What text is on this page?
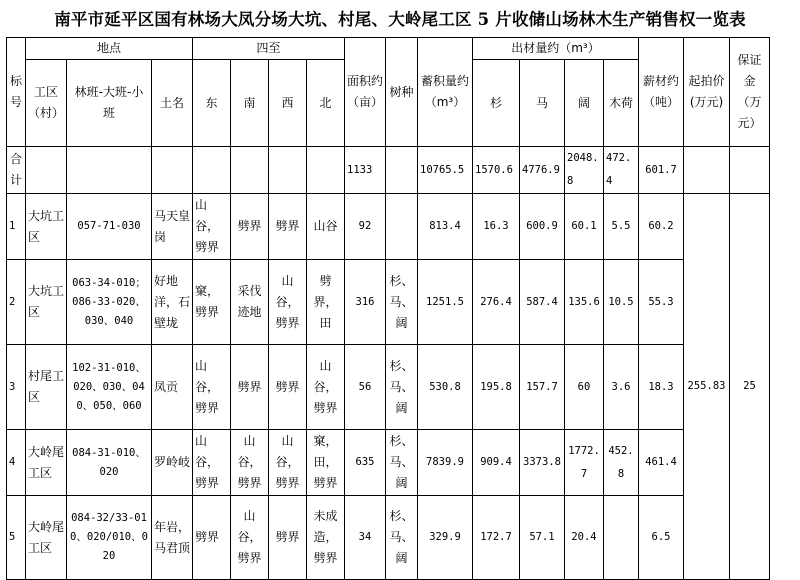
南平市延平区国有林场大凤分场大坑、村尾、大岭尾工区 5 片收储山场林木生产销售权一览表
标号	地点			四至				面积约（亩）	树种	蓄积量约（m³）	出材量约（m³）				薪材约（吨）	起拍价(万元)	保证金（万元）
	工区（村）	林班-大班-小班	土名	东	南	西	北				杉	马	阔	木荷			
合计								1133		10765.5	1570.6	4776.9	2048.8	472.4	601.7		
1	大坑工区	057-71-030	马天皇岗	山谷，劈界	劈界	劈界	山谷	92		813.4	16.3	600.9	60.1	5.5	60.2	255.83	25
2	大坑工区	063-34-010；086-33-020、030、040	好地洋，石壁垅	窠，劈界	采伐迹地	山谷，劈界	劈界，田	316	杉、马、阔	1251.5	276.4	587.4	135.6	10.5	55.3		
3	村尾工区	102-31-010、020、030、040、050、060	凤贡	山谷，劈界	劈界	劈界	山谷，劈界	56	杉、马、阔	530.8	195.8	157.7	60	3.6	18.3		
4	大岭尾工区	084-31-010、020	罗岭岐	山谷，劈界	山谷，劈界	山谷，劈界	窠，田，劈界	635	杉、马、阔	7839.9	909.4	3373.8	1772.7	452.8	461.4		
5	大岭尾工区	084-32/33-010、020/010、020	年岩，马君顶	劈界	山谷，劈界	劈界	未成造，劈界	34	杉、马、阔	329.9	172.7	57.1	20.4		6.5		
